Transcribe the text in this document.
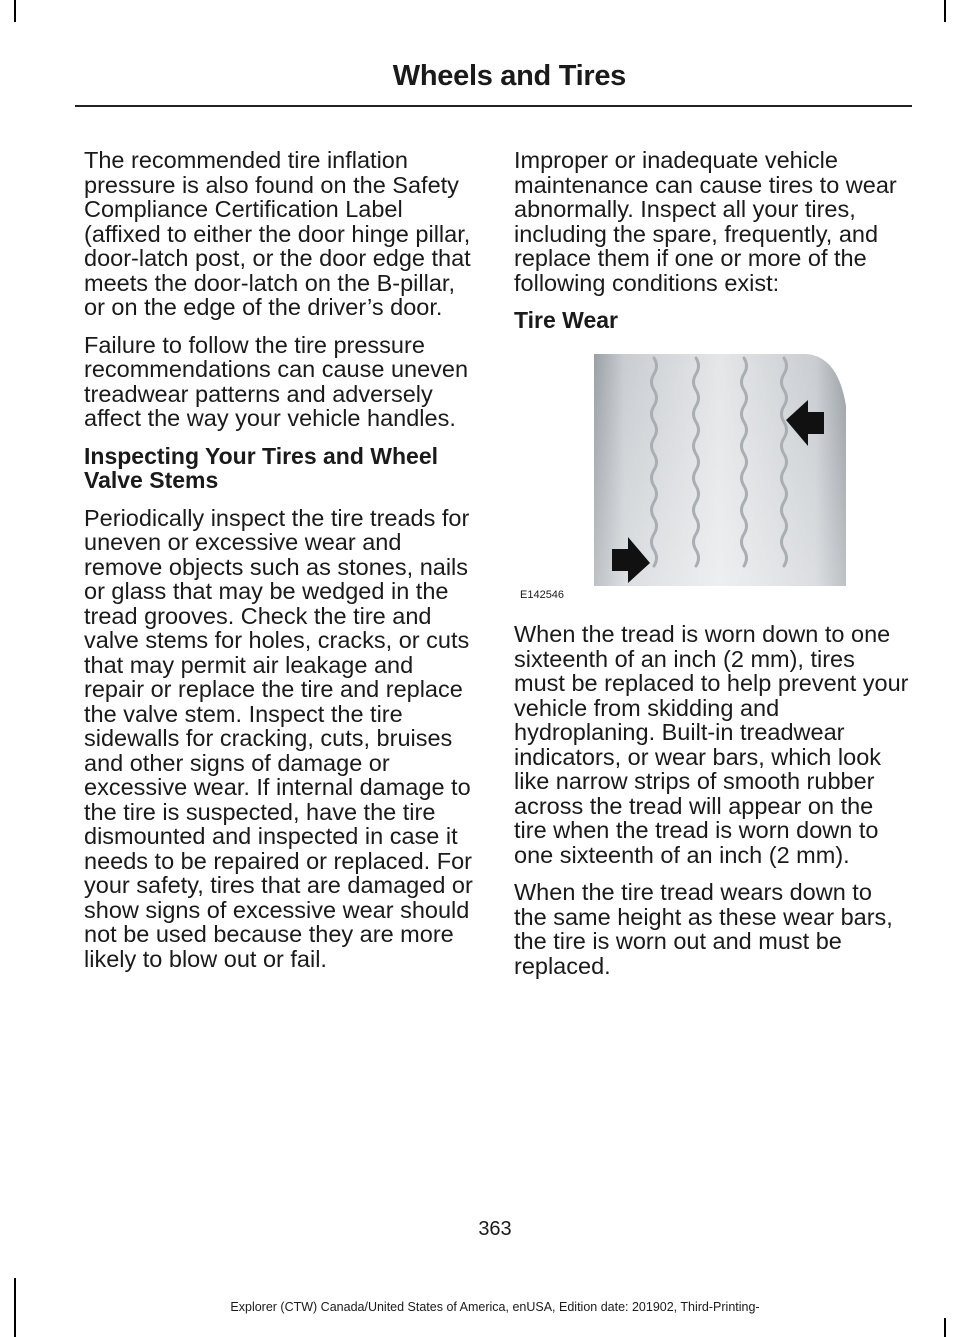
Wheels and Tires

The recommended tire inflation pressure is also found on the Safety Compliance Certification Label (affixed to either the door hinge pillar, door-latch post, or the door edge that meets the door-latch on the B-pillar, or on the edge of the driver’s door.

Failure to follow the tire pressure recommendations can cause uneven treadwear patterns and adversely affect the way your vehicle handles.

Inspecting Your Tires and Wheel Valve Stems

Periodically inspect the tire treads for uneven or excessive wear and remove objects such as stones, nails or glass that may be wedged in the tread grooves. Check the tire and valve stems for holes, cracks, or cuts that may permit air leakage and repair or replace the tire and replace the valve stem. Inspect the tire sidewalls for cracking, cuts, bruises and other signs of damage or excessive wear. If internal damage to the tire is suspected, have the tire dismounted and inspected in case it needs to be repaired or replaced. For your safety, tires that are damaged or show signs of excessive wear should not be used because they are more likely to blow out or fail.

Improper or inadequate vehicle maintenance can cause tires to wear abnormally. Inspect all your tires, including the spare, frequently, and replace them if one or more of the following conditions exist:

Tire Wear
E142546

When the tread is worn down to one sixteenth of an inch (2 mm), tires must be replaced to help prevent your vehicle from skidding and hydroplaning. Built-in treadwear indicators, or wear bars, which look like narrow strips of smooth rubber across the tread will appear on the tire when the tread is worn down to one sixteenth of an inch (2 mm).

When the tire tread wears down to the same height as these wear bars, the tire is worn out and must be replaced.

363
Explorer (CTW) Canada/United States of America, enUSA, Edition date: 201902, Third-Printing-
